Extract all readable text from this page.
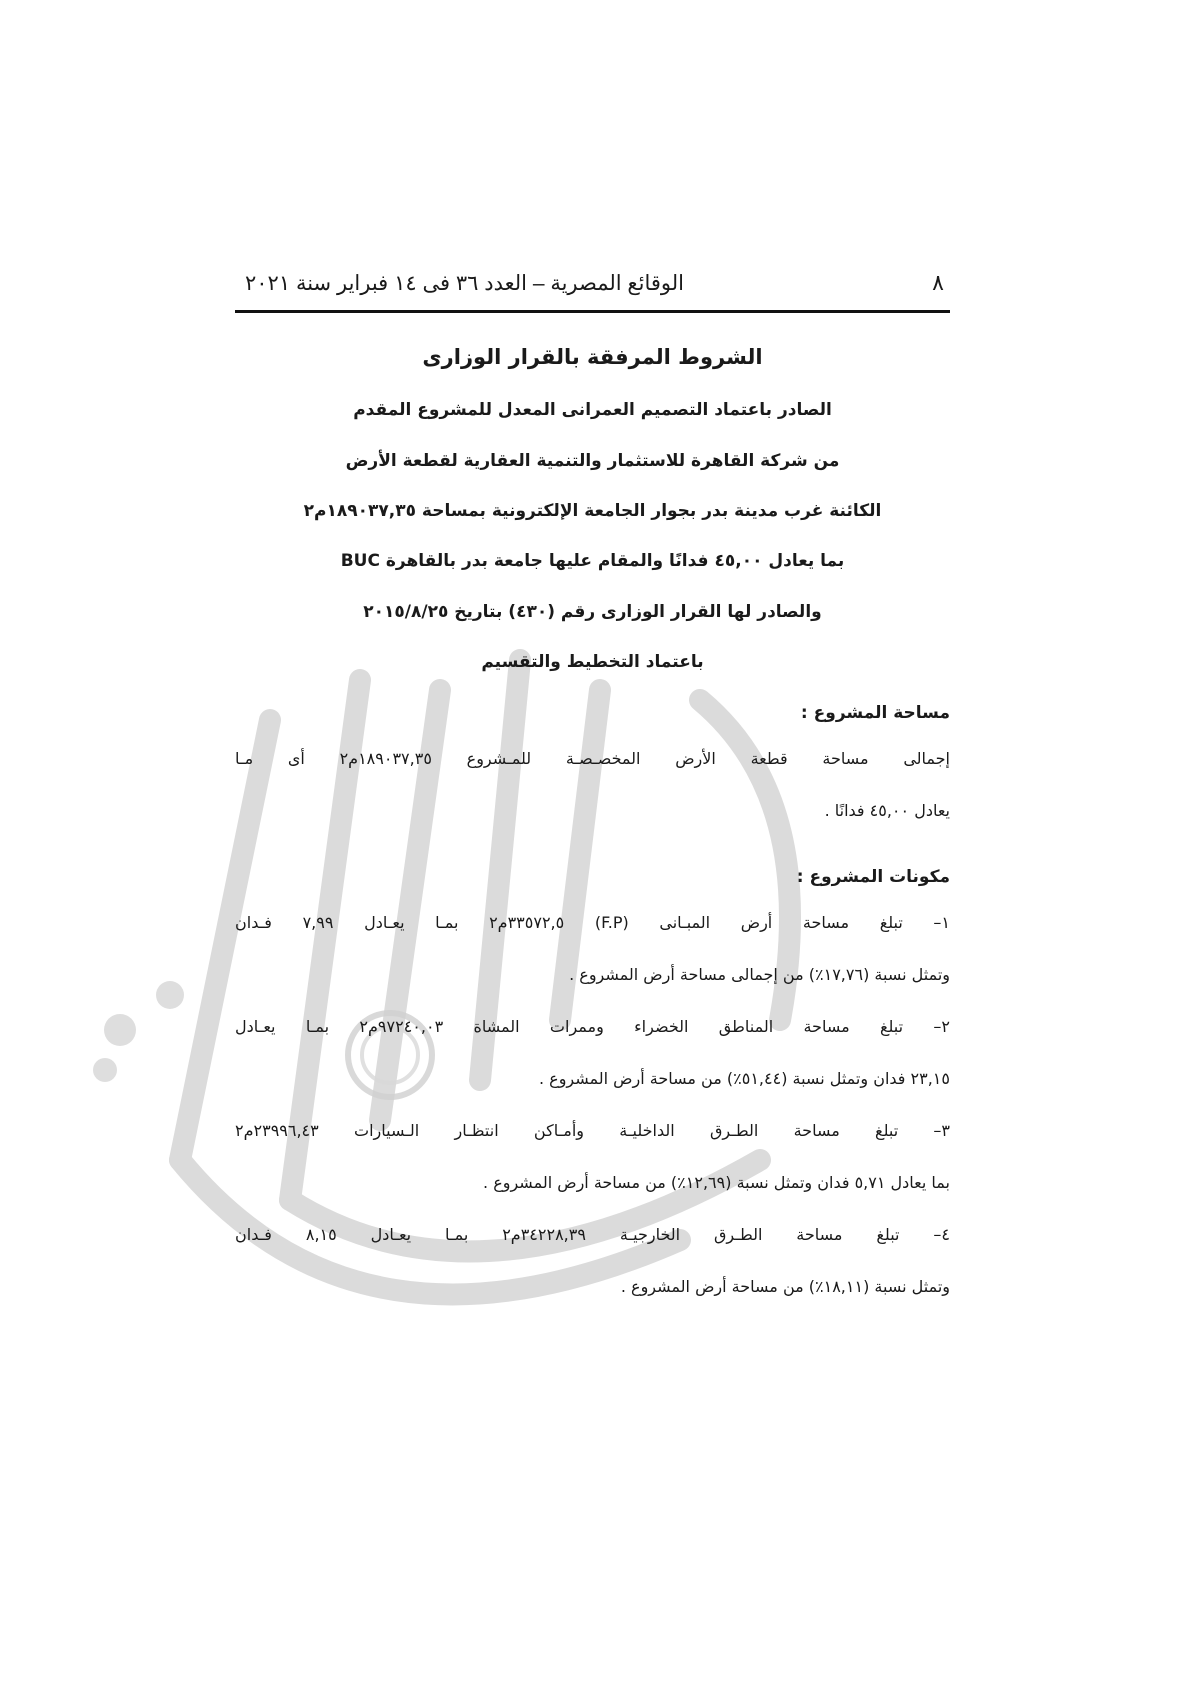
٨
الوقائع المصرية – العدد ٣٦ فى ١٤ فبراير سنة ٢٠٢١
الشروط المرفقة بالقرار الوزارى
الصادر باعتماد التصميم العمرانى المعدل للمشروع المقدم
من شركة القاهرة للاستثمار والتنمية العقارية لقطعة الأرض
الكائنة غرب مدينة بدر بجوار الجامعة الإلكترونية بمساحة ١٨٩٠٣٧,٣٥م٢
بما يعادل ٤٥,٠٠ فدانًا والمقام عليها جامعة بدر بالقاهرة BUC
والصادر لها القرار الوزارى رقم (٤٣٠) بتاريخ ٢٠١٥/٨/٢٥
باعتماد التخطيط والتقسيم
مساحة المشروع :
إجمالى مساحة قطعة الأرض المخصـصـة للمـشروع ١٨٩٠٣٧,٣٥م٢ أى مـا
يعادل ٤٥,٠٠ فدانًا .
مكونات المشروع :
١– تبلغ مساحة أرض المبـانى (F.P) ٣٣٥٧٢,٥م٢ بمـا يعـادل ٧,٩٩ فـدان
وتمثل نسبة (١٧,٧٦٪) من إجمالى مساحة أرض المشروع .
٢– تبلغ مساحة المناطق الخضراء وممرات المشاة ٩٧٢٤٠,٠٣م٢ بمـا يعـادل
٢٣,١٥ فدان وتمثل نسبة (٥١,٤٤٪) من مساحة أرض المشروع .
٣– تبلغ مساحة الطـرق الداخليـة وأمـاكن انتظـار الـسيارات ٢٣٩٩٦,٤٣م٢
بما يعادل ٥,٧١ فدان وتمثل نسبة (١٢,٦٩٪) من مساحة أرض المشروع .
٤– تبلغ مساحة الطـرق الخارجيـة ٣٤٢٢٨,٣٩م٢ بمـا يعـادل ٨,١٥ فـدان
وتمثل نسبة (١٨,١١٪) من مساحة أرض المشروع .
